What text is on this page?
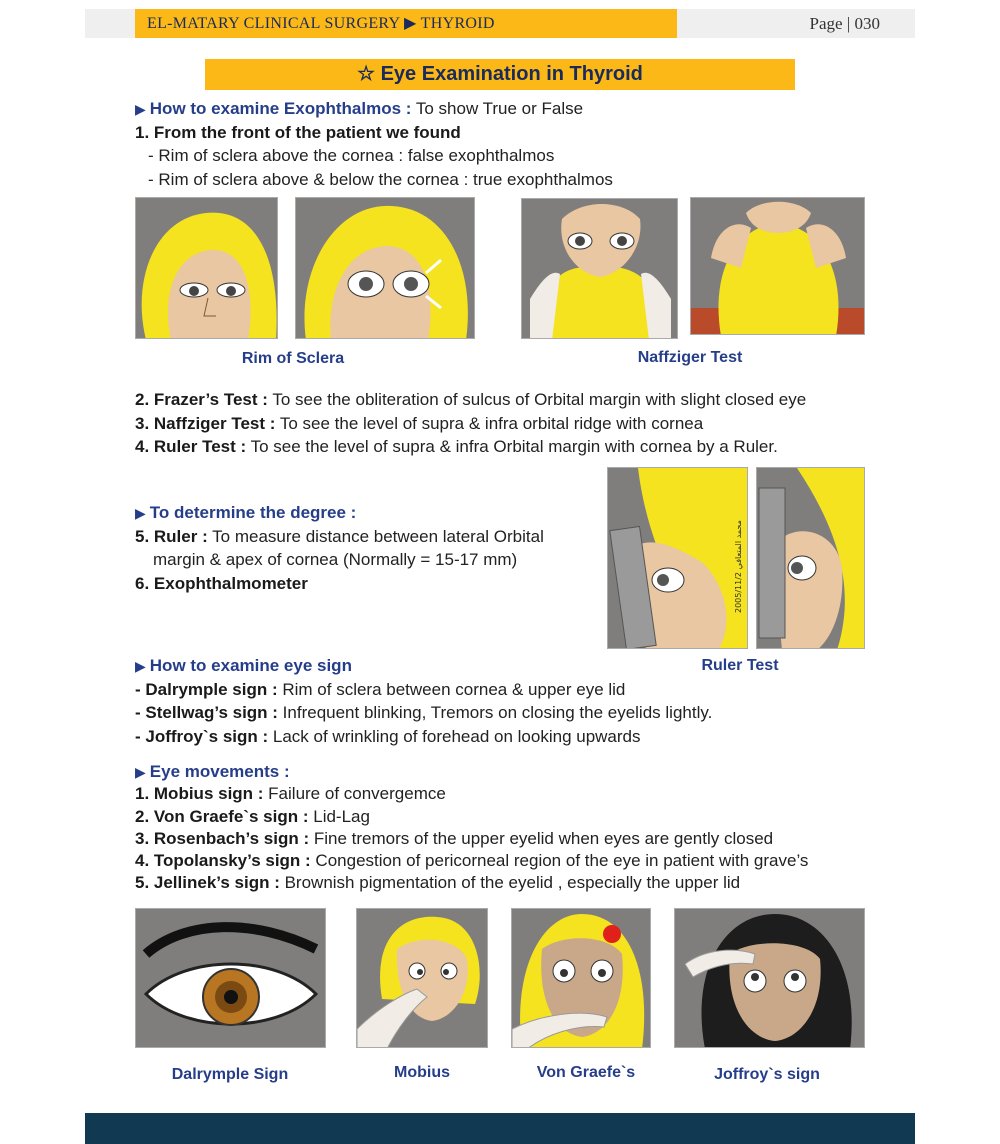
EL-MATARY CLINICAL SURGERY ▶ THYROID	Page | 030
☆ Eye Examination in Thyroid
▶ How to examine Exophthalmos : To show True or False
1. From the front of the patient we found
- Rim of sclera above the cornea : false exophthalmos
- Rim of sclera above & below the cornea : true exophthalmos
Rim of Sclera	Naffziger Test
2. Frazer’s Test : To see the obliteration of sulcus of Orbital margin with slight closed eye
3. Naffziger Test : To see the level of supra & infra orbital ridge with cornea
4. Ruler Test : To see the level of supra & infra Orbital margin with cornea by a Ruler.
▶ To determine the degree :
5. Ruler : To measure distance between lateral Orbital
margin & apex of cornea (Normally = 15-17 mm)
6. Exophthalmometer	2005/11/2 محمد المتعافي
Ruler Test
▶ How to examine eye sign
- Dalrymple sign : Rim of sclera between cornea & upper eye lid
- Stellwag’s sign : Infrequent blinking, Tremors on closing the eyelids lightly.
- Joffroy`s sign : Lack of wrinkling of forehead on looking upwards
▶ Eye movements :
1. Mobius sign : Failure of convergemce
2. Von Graefe`s sign : Lid-Lag
3. Rosenbach’s sign : Fine tremors of the upper eyelid when eyes are gently closed
4. Topolansky’s sign : Congestion of pericorneal region of the eye in patient with grave’s
5. Jellinek’s sign : Brownish pigmentation of the eyelid , especially the upper lid
Dalrymple Sign	Mobius	Von Graefe`s	Joffroy`s sign
